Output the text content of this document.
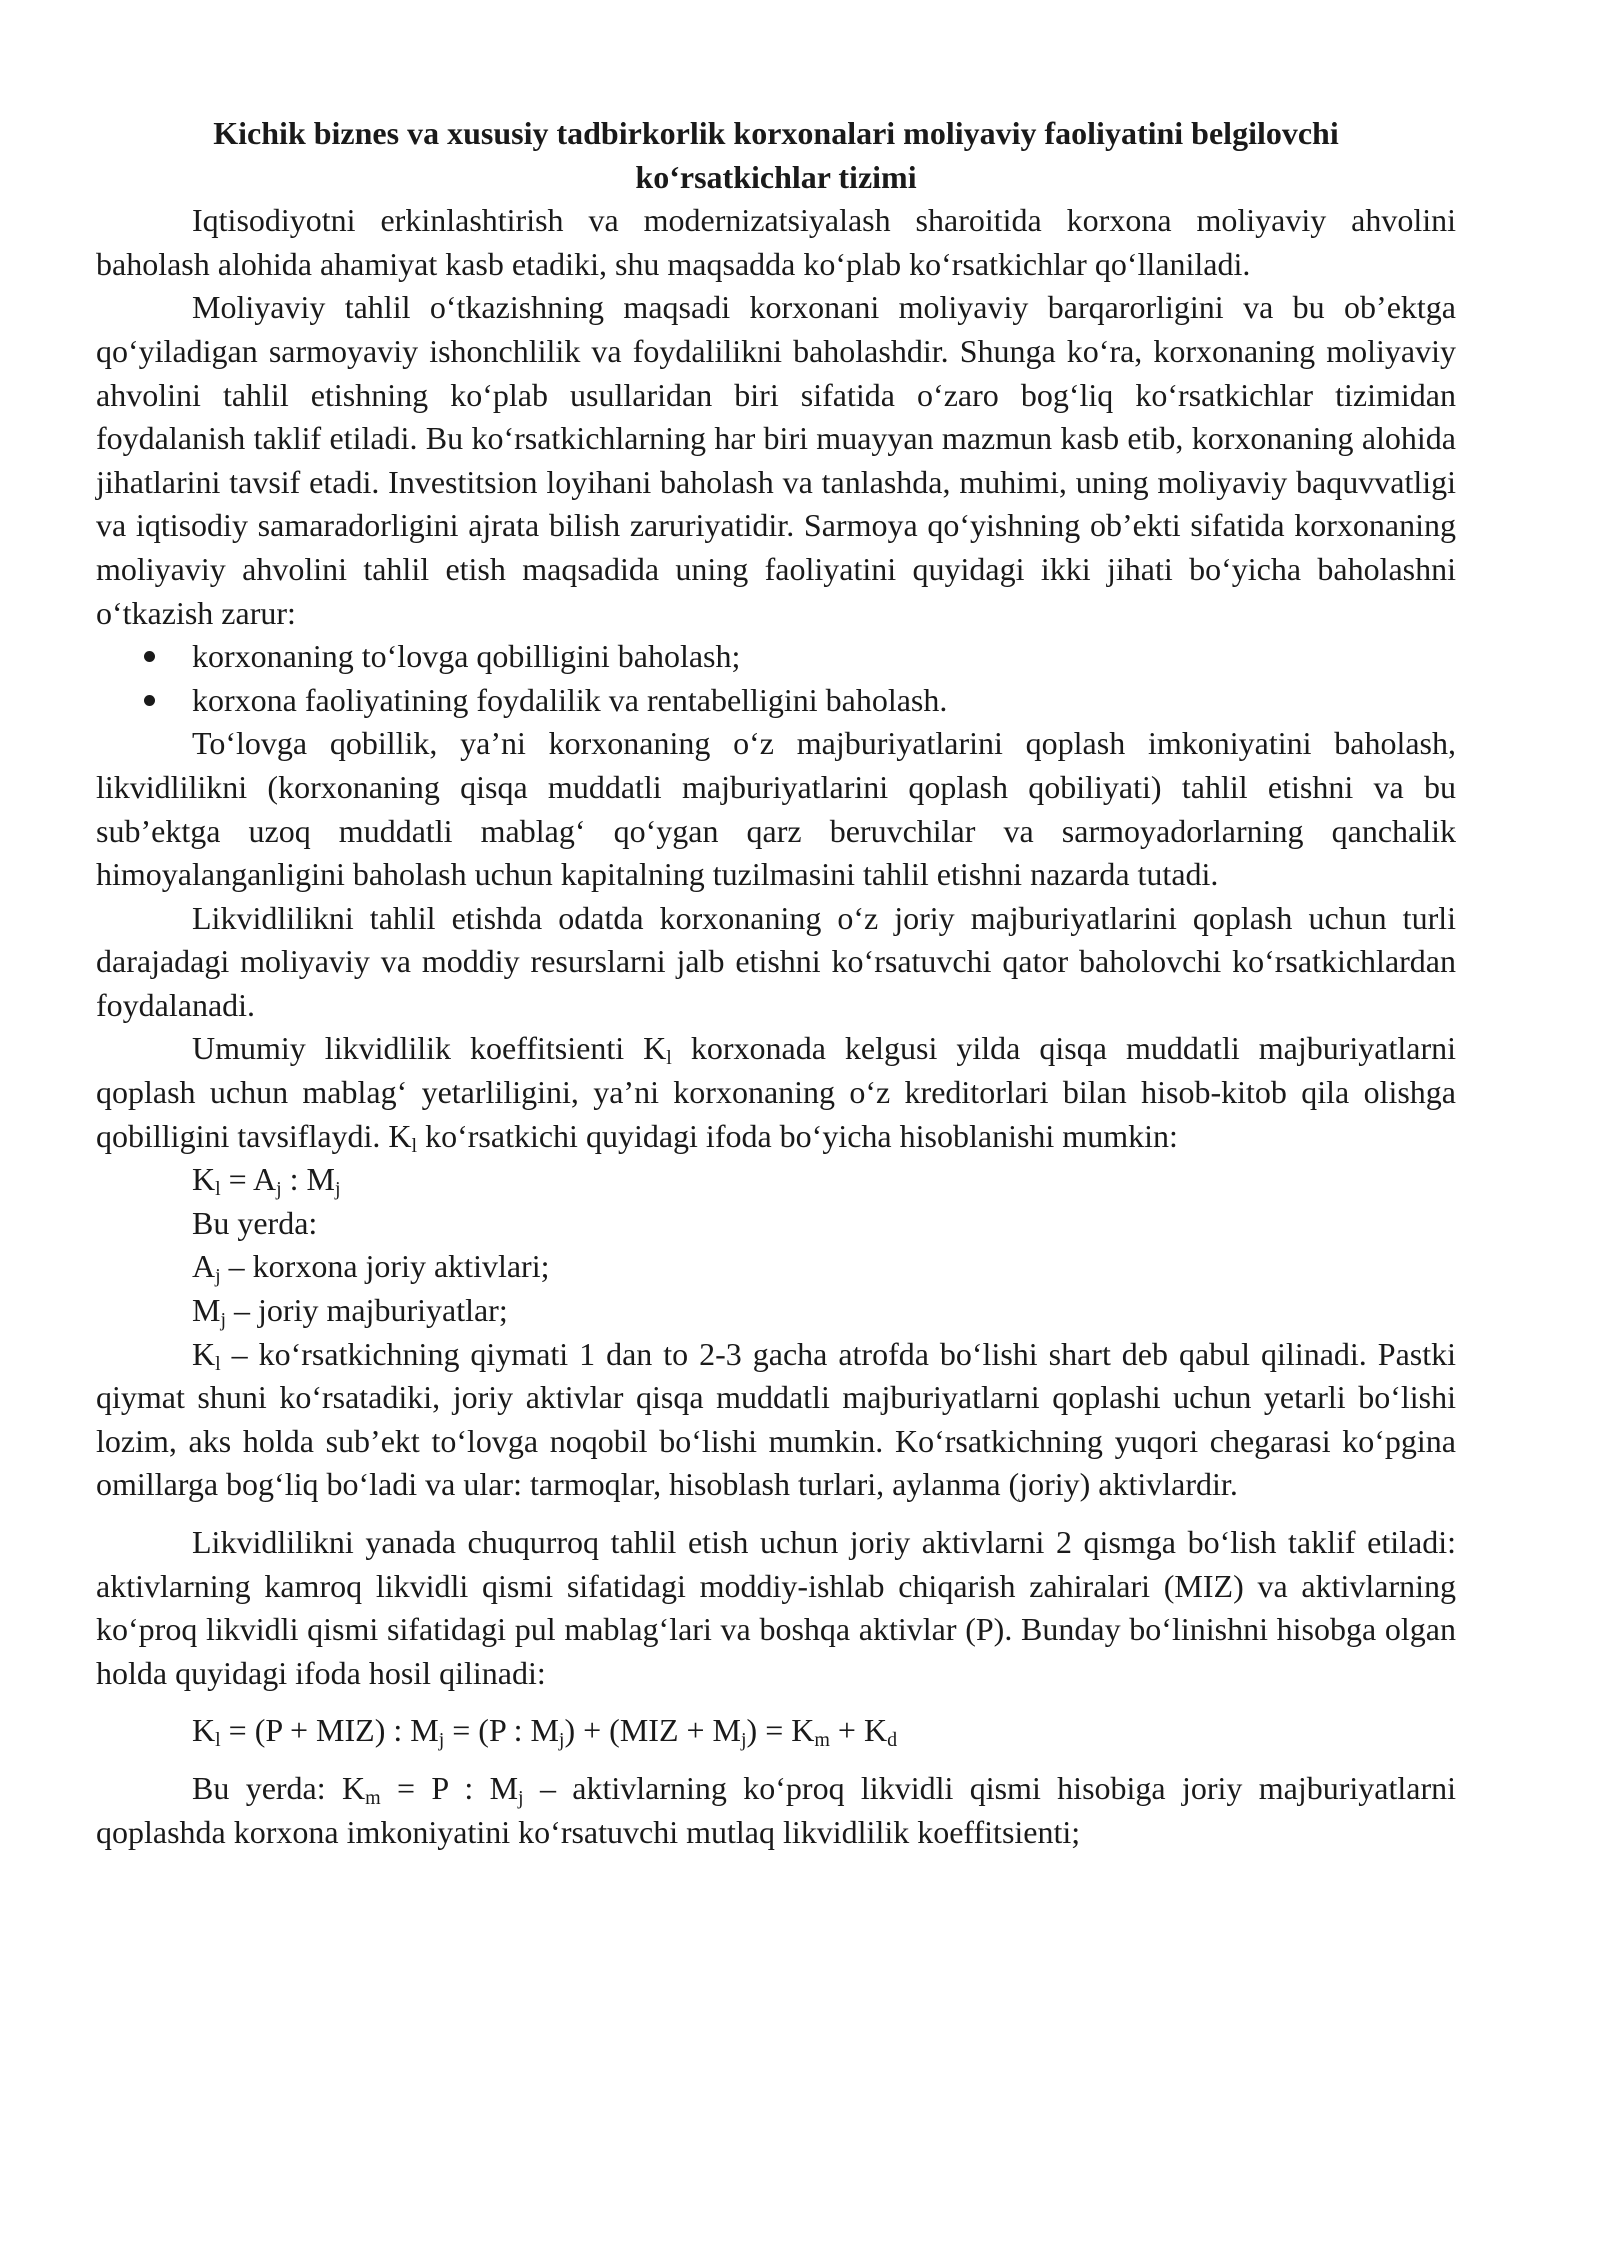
Kichik biznes va xususiy tadbirkorlik korxonalari moliyaviy faoliyatini belgilovchi
ko‘rsatkichlar tizimi

Iqtisodiyotni erkinlashtirish va modernizatsiyalash sharoitida korxona moliyaviy ahvolini baholash alohida ahamiyat kasb etadiki, shu maqsadda ko‘plab ko‘rsatkichlar qo‘llaniladi.

Moliyaviy tahlil o‘tkazishning maqsadi korxonani moliyaviy barqarorligini va bu ob’ektga qo‘yiladigan sarmoyaviy ishonchlilik va foydalilikni baholashdir. Shunga ko‘ra, korxonaning moliyaviy ahvolini tahlil etishning ko‘plab usullaridan biri sifatida o‘zaro bog‘liq ko‘rsatkichlar tizimidan foydalanish taklif etiladi. Bu ko‘rsatkichlarning har biri muayyan mazmun kasb etib, korxonaning alohida jihatlarini tavsif etadi. Investitsion loyihani baholash va tanlashda, muhimi, uning moliyaviy baquvvatligi va iqtisodiy samaradorligini ajrata bilish zaruriyatidir. Sarmoya qo‘yishning ob’ekti sifatida korxonaning moliyaviy ahvolini tahlil etish maqsadida uning faoliyatini quyidagi ikki jihati bo‘yicha baholashni o‘tkazish zarur:

korxonaning to‘lovga qobilligini baholash;
korxona faoliyatining foydalilik va rentabelligini baholash.

To‘lovga qobillik, ya’ni korxonaning o‘z majburiyatlarini qoplash imkoniyatini baholash, likvidlilikni (korxonaning qisqa muddatli majburiyatlarini qoplash qobiliyati) tahlil etishni va bu sub’ektga uzoq muddatli mablag‘ qo‘ygan qarz beruvchilar va sarmoyadorlarning qanchalik himoyalanganligini baholash uchun kapitalning tuzilmasini tahlil etishni nazarda tutadi.

Likvidlilikni tahlil etishda odatda korxonaning o‘z joriy majburiyatlarini qoplash uchun turli darajadagi moliyaviy va moddiy resurslarni jalb etishni ko‘rsatuvchi qator baholovchi ko‘rsatkichlardan foydalanadi.

Umumiy likvidlilik koeffitsienti $K_l$ korxonada kelgusi yilda qisqa muddatli majburiyatlarni qoplash uchun mablag‘ yetarliligini, ya’ni korxonaning o‘z kreditorlari bilan hisob-kitob qila olishga qobilligini tavsiflaydi. $K_l$ ko‘rsatkichi quyidagi ifoda bo‘yicha hisoblanishi mumkin:

$K_l = A_j$ : $M_j$

Bu yerda:

$A_j$ – korxona joriy aktivlari;

$M_j$ – joriy majburiyatlar;

$K_l$ – ko‘rsatkichning qiymati 1 dan to 2-3 gacha atrofda bo‘lishi shart deb qabul qilinadi. Pastki qiymat shuni ko‘rsatadiki, joriy aktivlar qisqa muddatli majburiyatlarni qoplashi uchun yetarli bo‘lishi lozim, aks holda sub’ekt to‘lovga noqobil bo‘lishi mumkin. Ko‘rsatkichning yuqori chegarasi ko‘pgina omillarga bog‘liq bo‘ladi va ular: tarmoqlar, hisoblash turlari, aylanma (joriy) aktivlardir.

Likvidlilikni yanada chuqurroq tahlil etish uchun joriy aktivlarni 2 qismga bo‘lish taklif etiladi: aktivlarning kamroq likvidli qismi sifatidagi moddiy-ishlab chiqarish zahiralari (MIZ) va aktivlarning ko‘proq likvidli qismi sifatidagi pul mablag‘lari va boshqa aktivlar (P). Bunday bo‘linishni hisobga olgan holda quyidagi ifoda hosil qilinadi:

$K_l = (P + MIZ)$ : $M_j = (P$ : $M_j) + (MIZ + M_j) = K_m + K_d$

Bu yerda: $K_m = P$ : $M_j$ – aktivlarning ko‘proq likvidli qismi hisobiga joriy majburiyatlarni qoplashda korxona imkoniyatini ko‘rsatuvchi mutlaq likvidlilik koeffitsienti;
